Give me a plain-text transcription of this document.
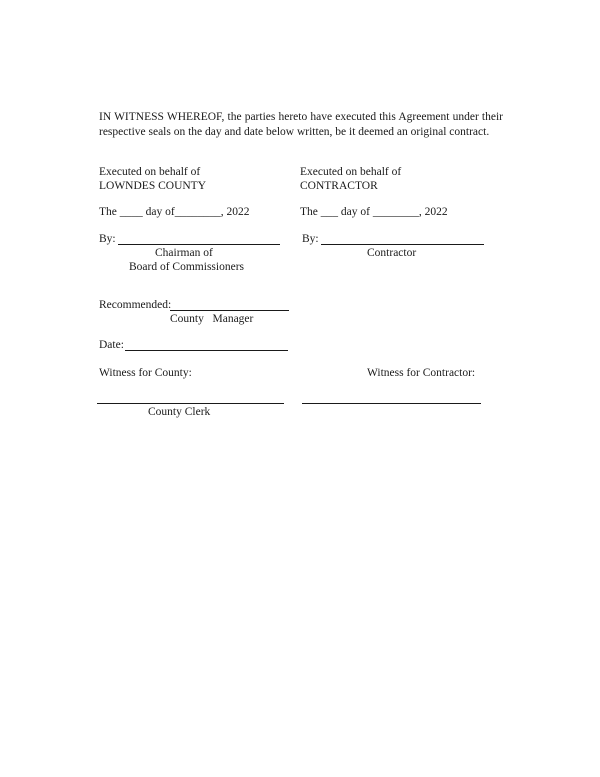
IN WITNESS WHEREOF, the parties hereto have executed this Agreement under their respective seals on the day and date below written, be it deemed an original contract.
Executed on behalf of
LOWNDES COUNTY
The ____ day of________, 2022
By:
Chairman of
Board of Commissioners
Executed on behalf of
CONTRACTOR
The ___ day of ________, 2022
By:
Contractor
Recommended:
County   Manager
Date:
Witness for County:	Witness for Contractor:
County Clerk
